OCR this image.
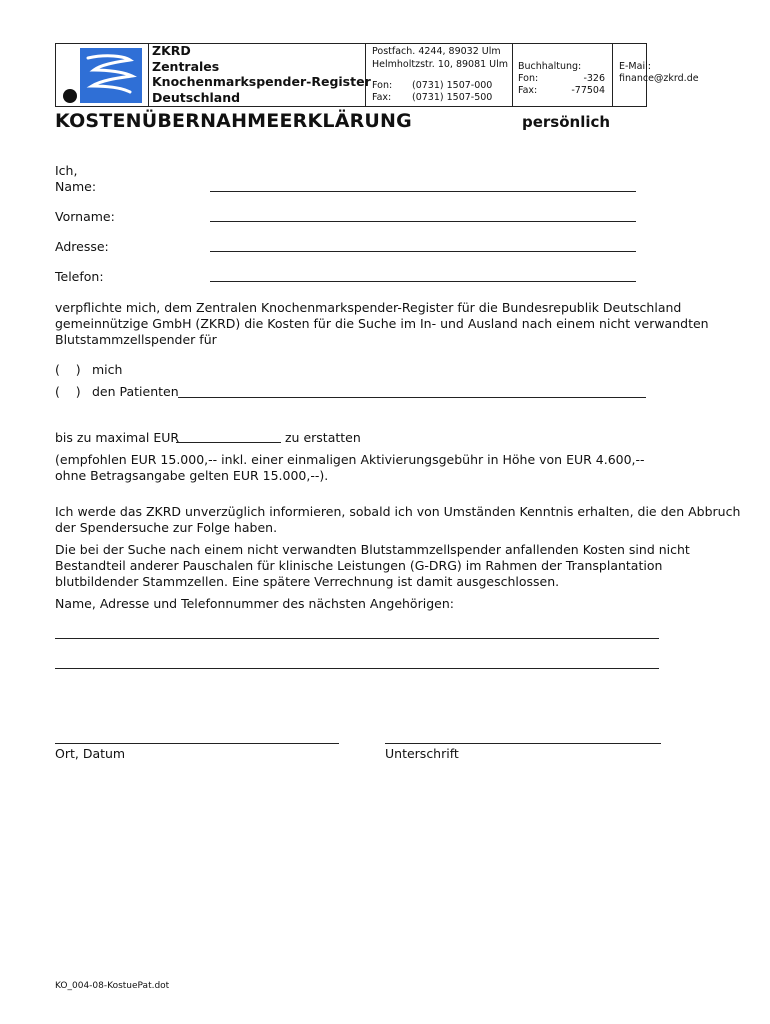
ZKRD
Zentrales
Knochenmarkspender-Register
Deutschland
Postfach. 4244, 89032 Ulm
Helmholtzstr. 10, 89081 Ulm
Fon: (0731) 1507-000
Fax: (0731) 1507-500
Buchhaltung:
Fon:	-326
Fax:	-77504
E-Mail:
finance@zkrd.de
KOSTENÜBERNAHMEERKLÄRUNG	persönlich
Ich,
Name:
Vorname:
Adresse:
Telefon:
verpflichte mich, dem Zentralen Knochenmarkspender-Register für die Bundesrepublik Deutschland
gemeinnützige GmbH (ZKRD) die Kosten für die Suche im In- und Ausland nach einem nicht verwandten
Blutstammzellspender für
(    ) mich
(    ) den Patienten
bis zu maximal EUR	zu erstatten
(empfohlen EUR 15.000,-- inkl. einer einmaligen Aktivierungsgebühr in Höhe von EUR 4.600,--
ohne Betragsangabe gelten EUR 15.000,--).
Ich werde das ZKRD unverzüglich informieren, sobald ich von Umständen Kenntnis erhalten, die den Abbruch
der Spendersuche zur Folge haben.
Die bei der Suche nach einem nicht verwandten Blutstammzellspender anfallenden Kosten sind nicht
Bestandteil anderer Pauschalen für klinische Leistungen (G-DRG) im Rahmen der Transplantation
blutbildender Stammzellen. Eine spätere Verrechnung ist damit ausgeschlossen.
Name, Adresse und Telefonnummer des nächsten Angehörigen:
Ort, Datum	Unterschrift
KO_004-08-KostuePat.dot
